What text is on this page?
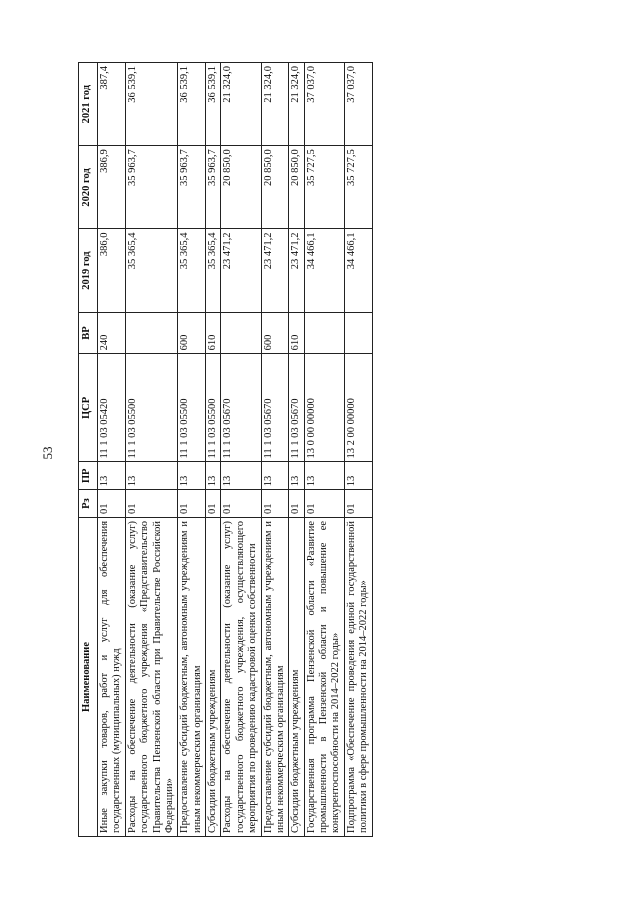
53
Наименование	Рз	ПР	ЦСР	ВР	2019 год	2020 год	2021 год
Иные закупки товаров, работ и услуг для обеспечения государственных (муниципальных) нужд	01	13	11 1 03 05420	240	386,0	386,9	387,4
Расходы на обеспечение деятельности (оказание услуг) государственного бюджетного учреждения «Представительство Правительства Пензенской области при Правительстве Российской Федерации»	01	13	11 1 03 05500		35 365,4	35 963,7	36 539,1
Предоставление субсидий бюджетным, автономным учреждениям и иным некоммерческим организациям	01	13	11 1 03 05500	600	35 365,4	35 963,7	36 539,1
Субсидии бюджетным учреждениям	01	13	11 1 03 05500	610	35 365,4	35 963,7	36 539,1
Расходы на обеспечение деятельности (оказание услуг) государственного бюджетного учреждения, осуществляющего мероприятия по проведению кадастровой оценки собственности	01	13	11 1 03 05670		23 471,2	20 850,0	21 324,0
Предоставление субсидий бюджетным, автономным учреждениям и иным некоммерческим организациям	01	13	11 1 03 05670	600	23 471,2	20 850,0	21 324,0
Субсидии бюджетным учреждениям	01	13	11 1 03 05670	610	23 471,2	20 850,0	21 324,0
Государственная программа Пензенской области «Развитие промышленности в Пензенской области и повышение ее конкурентоспособности на 2014–2022 годы»	01	13	13 0 00 00000		34 466,1	35 727,5	37 037,0
Подпрограмма «Обеспечение проведения единой государственной политики в сфере промышленности на 2014–2022 годы»	01	13	13 2 00 00000		34 466,1	35 727,5	37 037,0
